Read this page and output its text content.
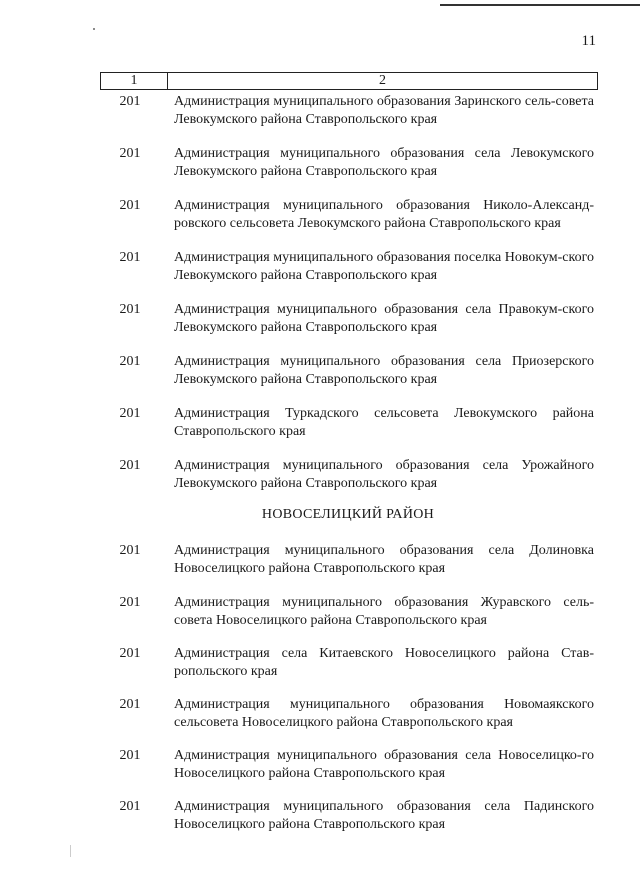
11
1	2
201	Администрация муниципального образования Заринского сель-совета Левокумского района Ставропольского края
201	Администрация муниципального образования села Левокумского Левокумского района Ставропольского края
201	Администрация муниципального образования Николо-Александ-ровского сельсовета Левокумского района Ставропольского края
201	Администрация муниципального образования поселка Новокум-ского Левокумского района Ставропольского края
201	Администрация муниципального образования села Правокум-ского Левокумского района Ставропольского края
201	Администрация муниципального образования села Приозерского Левокумского района Ставропольского края
201	Администрация Туркадского сельсовета Левокумского района Ставропольского края
201	Администрация муниципального образования села Урожайного Левокумского района Ставропольского края
НОВОСЕЛИЦКИЙ РАЙОН
201	Администрация муниципального образования села Долиновка Новоселицкого района Ставропольского края
201	Администрация муниципального образования Журавского сель-совета Новоселицкого района Ставропольского края
201	Администрация села Китаевского Новоселицкого района Став-ропольского края
201	Администрация муниципального образования Новомаякского сельсовета Новоселицкого района Ставропольского края
201	Администрация муниципального образования села Новоселицко-го Новоселицкого района Ставропольского края
201	Администрация муниципального образования села Падинского Новоселицкого района Ставропольского края
